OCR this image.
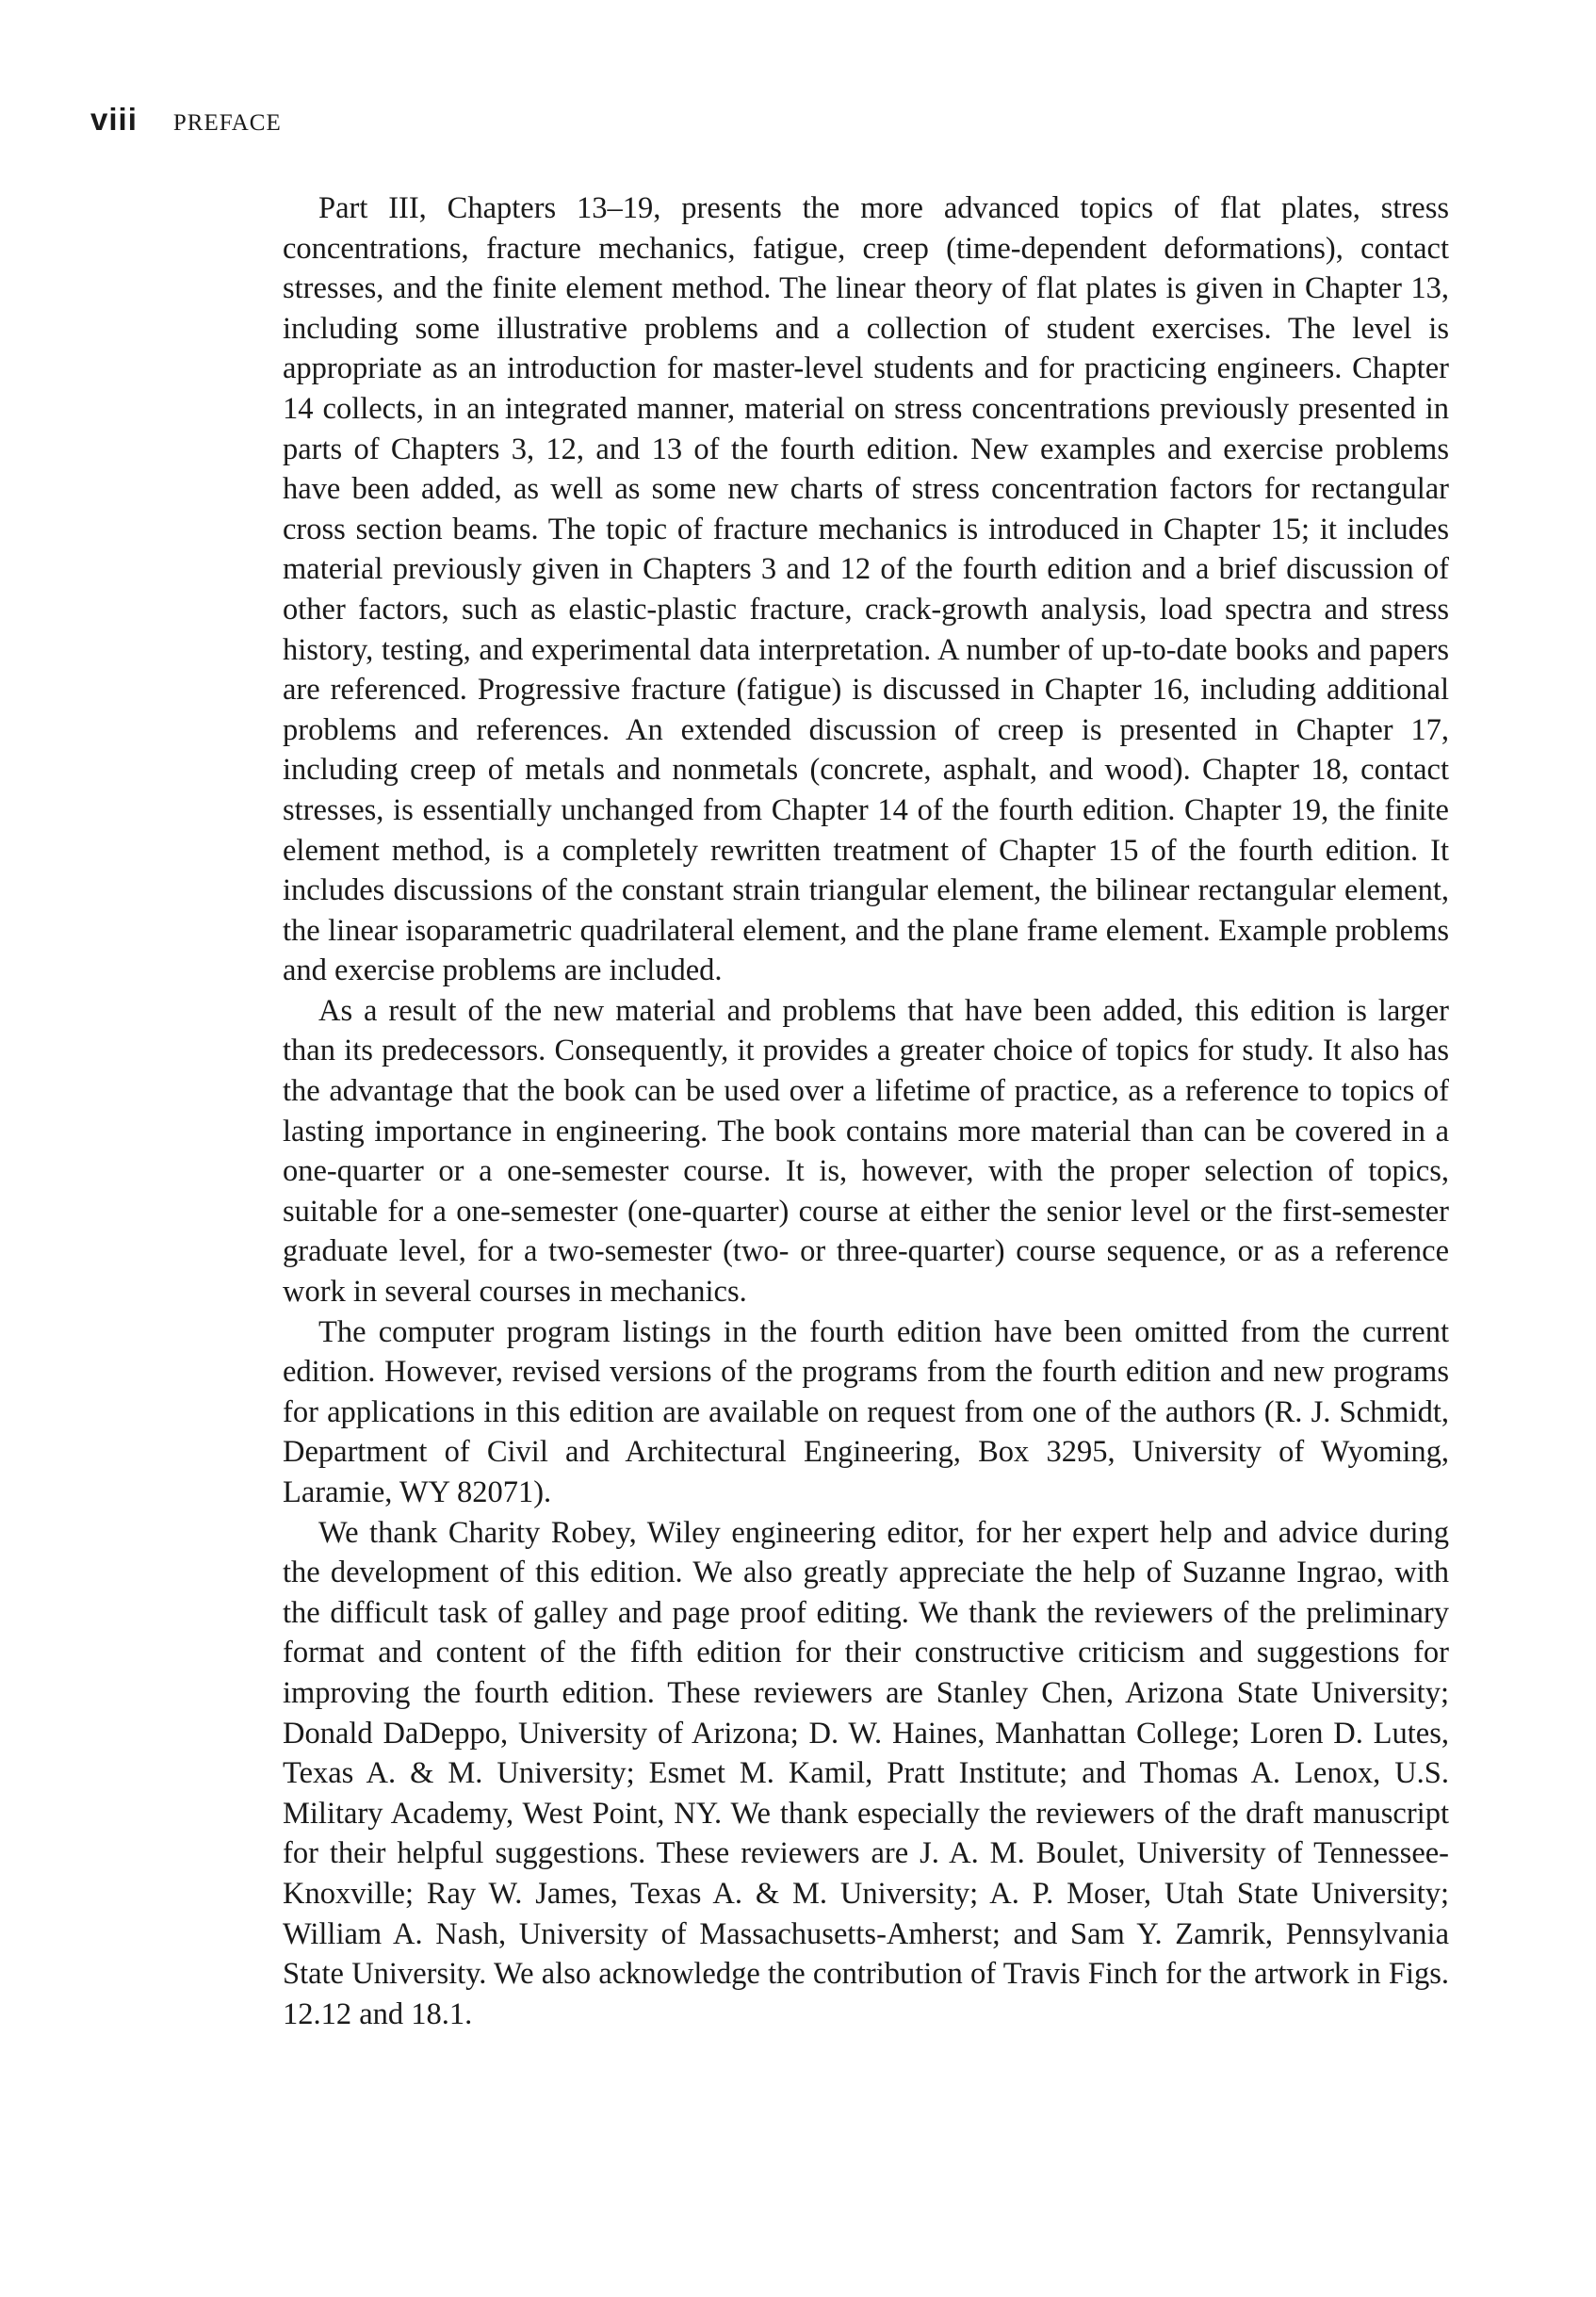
viii PREFACE

Part III, Chapters 13–19, presents the more advanced topics of flat plates, stress concentrations, fracture mechanics, fatigue, creep (time-dependent deformations), contact stresses, and the finite element method. The linear theory of flat plates is given in Chapter 13, including some illustrative problems and a collection of student exercises. The level is appropriate as an introduction for master-level students and for practicing engineers. Chapter 14 collects, in an integrated manner, material on stress concentrations previously presented in parts of Chapters 3, 12, and 13 of the fourth edition. New examples and exercise problems have been added, as well as some new charts of stress concentration factors for rectangular cross section beams. The topic of fracture mechanics is introduced in Chapter 15; it includes material previously given in Chapters 3 and 12 of the fourth edition and a brief discussion of other factors, such as elastic-plastic fracture, crack-growth analysis, load spectra and stress history, testing, and experimental data interpretation. A number of up-to-date books and papers are referenced. Progressive fracture (fatigue) is discussed in Chapter 16, including additional problems and references. An extended discussion of creep is presented in Chapter 17, including creep of metals and nonmetals (concrete, asphalt, and wood). Chapter 18, contact stresses, is essentially unchanged from Chapter 14 of the fourth edition. Chapter 19, the finite element method, is a completely rewritten treatment of Chapter 15 of the fourth edition. It includes discussions of the constant strain triangular element, the bilinear rectangular element, the linear isoparametric quadrilateral element, and the plane frame element. Example problems and exercise problems are included.

As a result of the new material and problems that have been added, this edition is larger than its predecessors. Consequently, it provides a greater choice of topics for study. It also has the advantage that the book can be used over a lifetime of practice, as a reference to topics of lasting importance in engineering. The book contains more material than can be covered in a one-quarter or a one-semester course. It is, however, with the proper selection of topics, suitable for a one-semester (one-quarter) course at either the senior level or the first-semester graduate level, for a two-semester (two- or three-quarter) course sequence, or as a reference work in several courses in mechanics.

The computer program listings in the fourth edition have been omitted from the current edition. However, revised versions of the programs from the fourth edition and new programs for applications in this edition are available on request from one of the authors (R. J. Schmidt, Department of Civil and Architectural Engineering, Box 3295, University of Wyoming, Laramie, WY 82071).

We thank Charity Robey, Wiley engineering editor, for her expert help and advice during the development of this edition. We also greatly appreciate the help of Suzanne Ingrao, with the difficult task of galley and page proof editing. We thank the reviewers of the preliminary format and content of the fifth edition for their constructive criticism and suggestions for improving the fourth edition. These reviewers are Stanley Chen, Arizona State University; Donald DaDeppo, University of Arizona; D. W. Haines, Manhattan College; Loren D. Lutes, Texas A. & M. University; Esmet M. Kamil, Pratt Institute; and Thomas A. Lenox, U.S. Military Academy, West Point, NY. We thank especially the reviewers of the draft manuscript for their helpful suggestions. These reviewers are J. A. M. Boulet, University of Tennessee-Knoxville; Ray W. James, Texas A. & M. University; A. P. Moser, Utah State University; William A. Nash, University of Massachusetts-Amherst; and Sam Y. Zamrik, Pennsylvania State University. We also acknowledge the contribution of Travis Finch for the artwork in Figs. 12.12 and 18.1.
